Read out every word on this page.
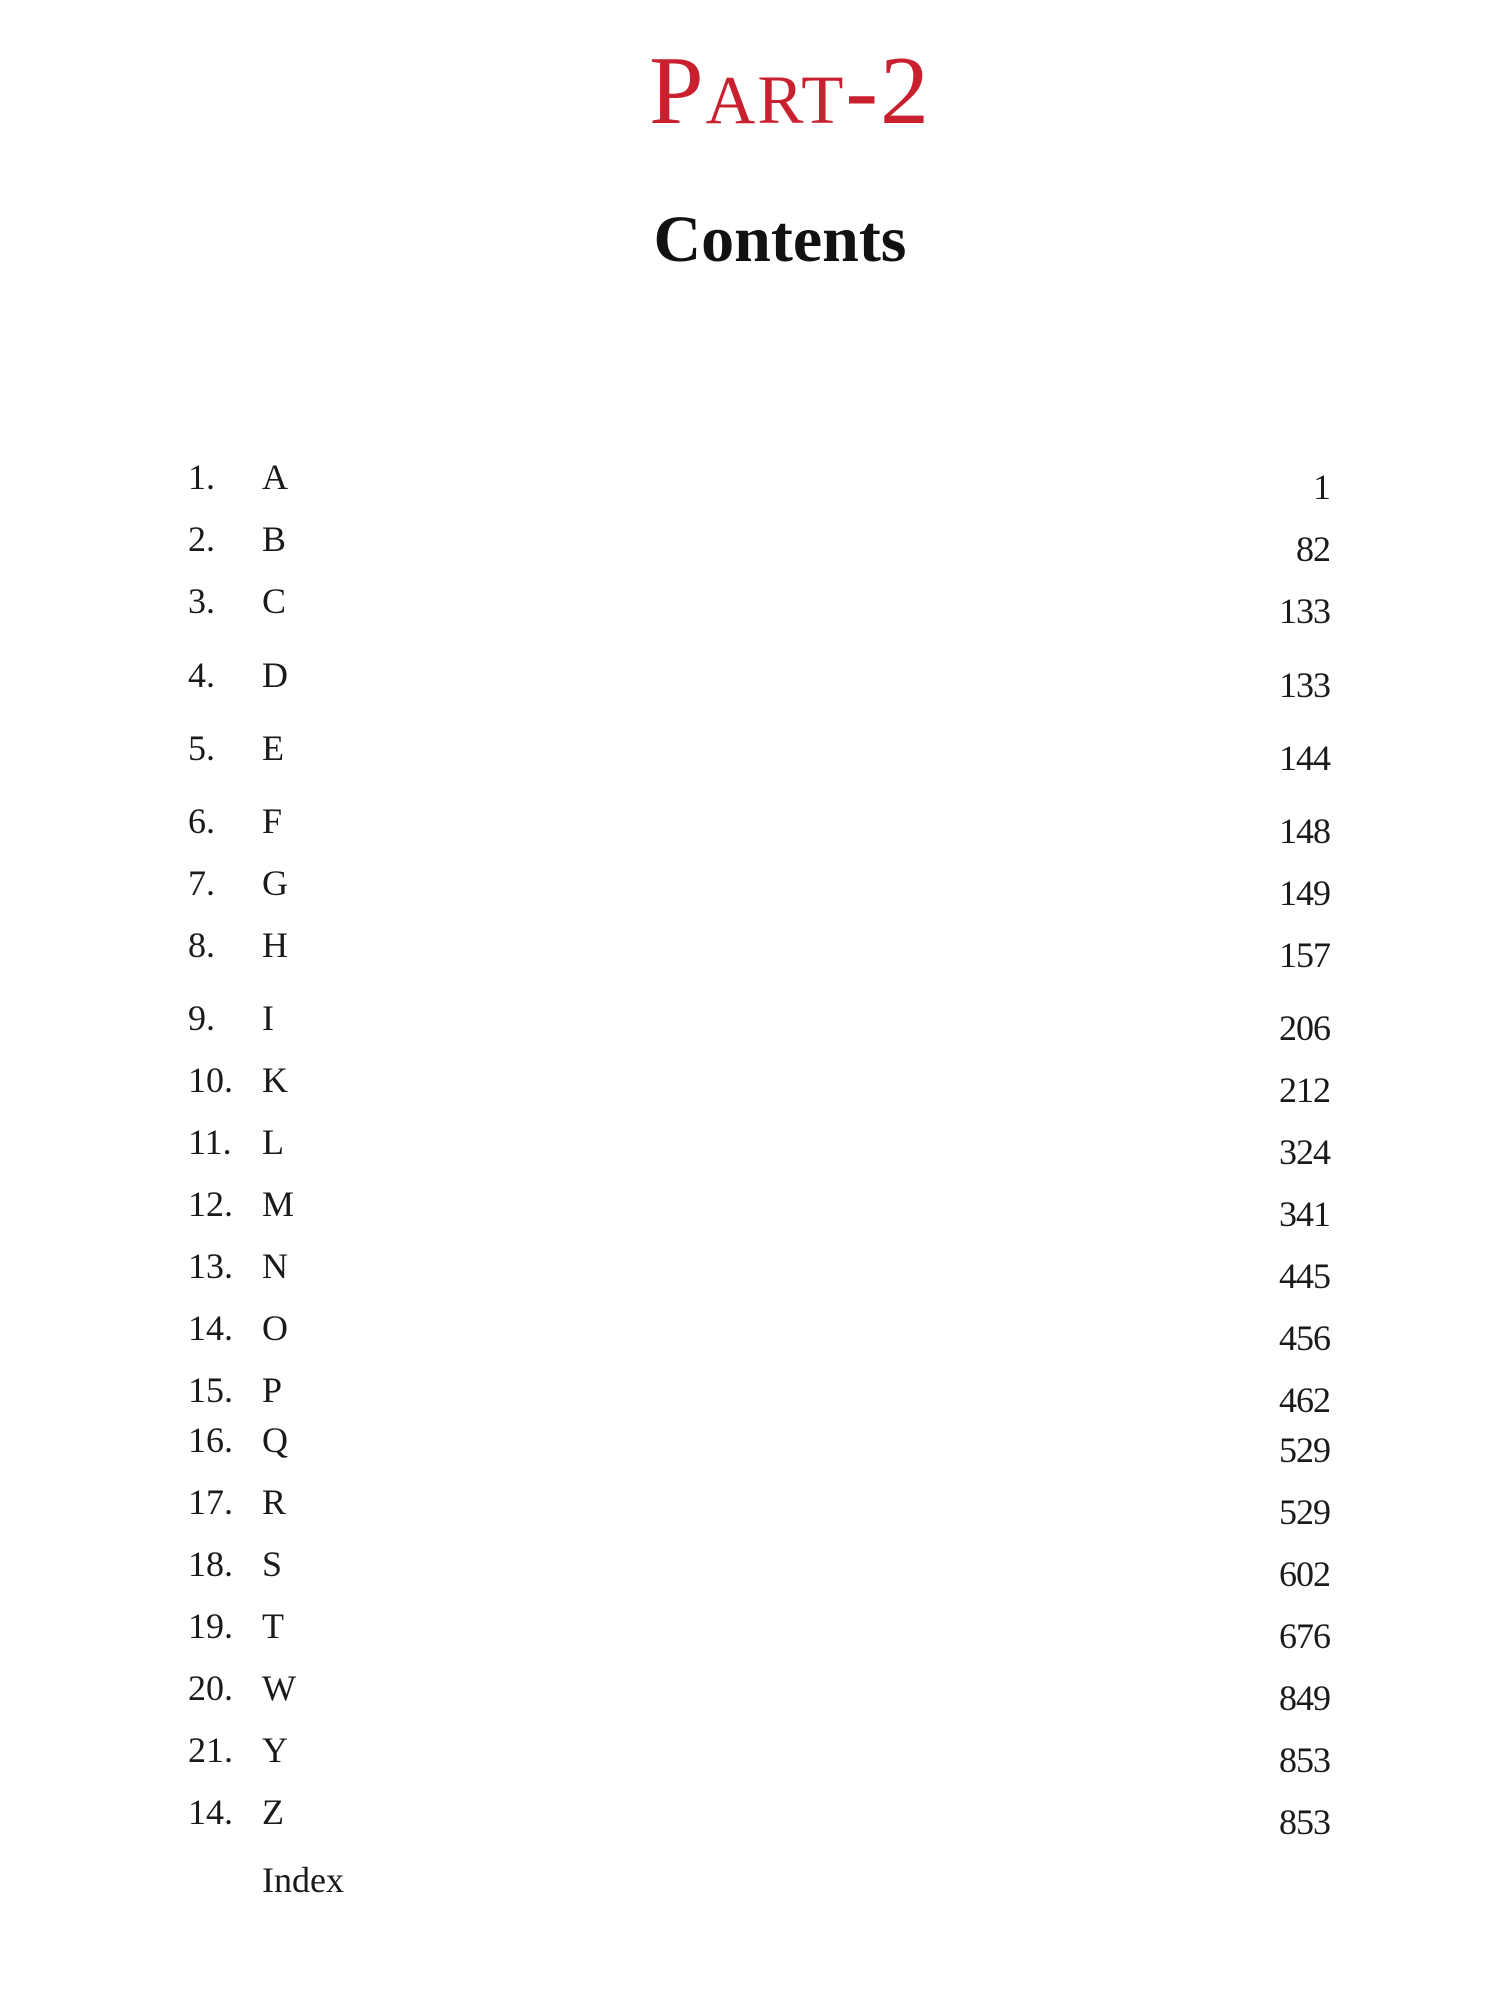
Part-2
Contents
1.	A	1
2.	B	82
3.	C	133
4.	D	133
5.	E	144
6.	F	148
7.	G	149
8.	H	157
9.	I	206
10. K	212
11. L	324
12. M	341
13. N	445
14. O	456
15. P	462
16. Q	529
17. R	529
18. S	602
19. T	676
20. W	849
21. Y	853
14. Z	853
Index
